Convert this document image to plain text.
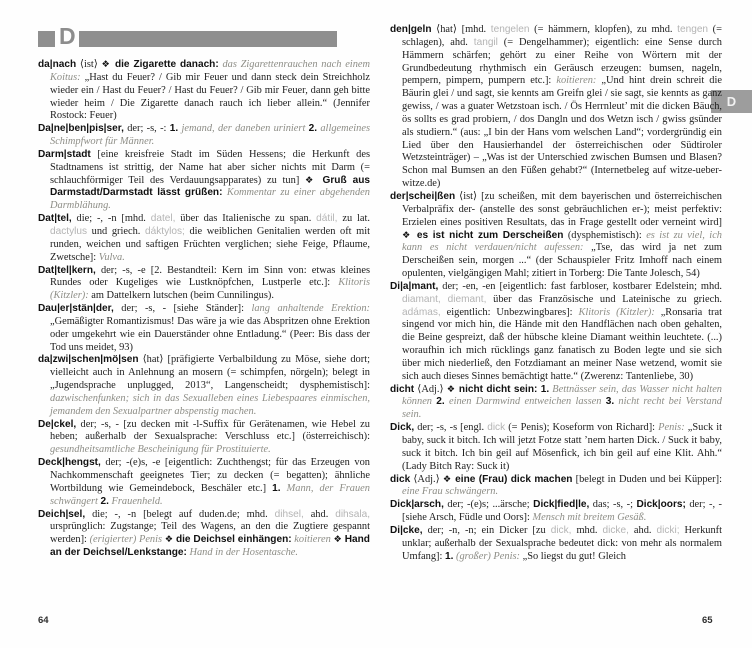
D
D

da|nach ⟨ist⟩ ❖ die Zigarette danach: das Zigarettenrauchen nach einem Koitus: „Hast du Feuer? / Gib mir Feuer und dann steck dein Streichholz wieder ein / Hast du Feuer? / Hast du Feuer? / Gib mir Feuer, dann geh bitte wieder heim / Die Zigarette danach rauch ich lieber allein.“ (Jennifer Rostock: Feuer)

Da|ne|ben|pis|ser, der; -s, -: 1. jemand, der daneben uriniert 2. allgemeines Schimpfwort für Männer.

Darm|stadt [eine kreisfreie Stadt im Süden Hessens; die Herkunft des Stadtnamens ist strittig, der Name hat aber sicher nichts mit Darm (= schlauchförmiger Teil des Verdauungsapparates) zu tun] ❖ Gruß aus Darmstadt/Darmstadt lässt grüßen: Kommentar zu einer abgehenden Darmblähung.

Dat|tel, die; -, -n [mhd. datel, über das Italienische zu span. dátil, zu lat. dactylus und griech. dáktylos; die weiblichen Genitalien werden oft mit runden, weichen und saftigen Früchten verglichen; siehe Feige, Pflaume, Zwetsche]: Vulva.

Dat|tel|kern, der; -s, -e [2. Bestandteil: Kern im Sinn von: etwas kleines Rundes oder Kugeliges wie Lustknöpfchen, Lustperle etc.]: Klitoris (Kitzler): am Dattelkern lutschen (beim Cunnilingus).

Dau|er|stän|der, der; -s, - [siehe Ständer]: lang anhaltende Erektion: „Gemäßigter Romantizismus! Das wäre ja wie das Abspritzen ohne Erektion oder umgekehrt wie ein Dauerständer ohne Entladung.“ (Peer: Bis dass der Tod uns meidet, 93)

da|zwi|schen|mö|sen ⟨hat⟩ [präfigierte Verbalbildung zu Möse, siehe dort; vielleicht auch in Anlehnung an mosern (= schimpfen, nörgeln); belegt in „Jugendsprache unplugged, 2013“, Langenscheidt; dysphemistisch]: dazwischenfunken; sich in das Sexualleben eines Liebespaares einmischen, jemandem den Sexualpartner abspenstig machen.

De|ckel, der; -s, - [zu decken mit -l-Suffix für Gerätenamen, wie Hebel zu heben; außerhalb der Sexualsprache: Verschluss etc.] (österreichisch): gesundheitsamtliche Bescheinigung für Prostituierte.

Deck|hengst, der; -(e)s, -e [eigentlich: Zuchthengst; für das Erzeugen von Nachkommenschaft geeignetes Tier; zu decken (= begatten); ähnliche Wortbildung wie Gemeindebock, Beschäler etc.] 1. Mann, der Frauen schwängert 2. Frauenheld.

Deich|sel, die; -, -n [belegt auf duden.de; mhd. dihsel, ahd. dihsala, ursprünglich: Zugstange; Teil des Wagens, an den die Zugtiere gespannt werden]: (erigierter) Penis ❖ die Deichsel einhängen: koitieren ❖ Hand an der Deichsel/Lenkstange: Hand in der Hosentasche.

den|geln ⟨hat⟩ [mhd. tengelen (= hämmern, klopfen), zu mhd. tengen (= schlagen), ahd. tangil (= Dengelhammer); eigentlich: eine Sense durch Hämmern schärfen; gehört zu einer Reihe von Wörtern mit der Grundbedeutung rhythmisch ein Geräusch erzeugen: bumsen, nageln, pempern, pimpern, pumpern etc.]: koitieren: „Und hint drein schreit die Bäurin glei / und sagt, sie kennts am Greifn glei / sie sagt, sie kennts as ganz gewiss, / was a guater Wetzstoan isch. / Ös Herrnleut’ mit die dicken Bäuch, ös sollts es grad probiern, / dos Dangln und dos Wetzn isch / gwiss gsünder als studiern.“ (aus: „I bin der Hans vom welschen Land“; vordergründig ein Lied über den Hausierhandel der österreichischen oder Südtiroler Wetzsteinträger) – „Was ist der Unterschied zwischen Bumsen und Blasen? Schon mal Bumsen an den Füßen gehabt?“ (Internetbeleg auf witze-ueber-witze.de)

der|schei|ßen ⟨ist⟩ [zu scheißen, mit dem bayerischen und österreichischen Verbalpräfix der- (anstelle des sonst gebräuchlichen er-); meist perfektiv: Erzielen eines positiven Resultats, das in Frage gestellt oder verneint wird] ❖ es ist nicht zum Derscheißen (dysphemistisch): es ist zu viel, ich kann es nicht verdauen/nicht aufessen: „Tse, das wird ja net zum Derscheißen sein, morgen ...“ (der Schauspieler Fritz Imhoff nach einem opulenten, vielgängigen Mahl; zitiert in Torberg: Die Tante Jolesch, 54)

Di|a|mant, der; -en, -en [eigentlich: fast farbloser, kostbarer Edelstein; mhd. diamant, diemant, über das Französische und Lateinische zu griech. adámas, eigentlich: Unbezwingbares]: Klitoris (Kitzler): „Ronsaria trat singend vor mich hin, die Hände mit den Handflächen nach oben gehalten, die Beine gespreizt, daß der hübsche kleine Diamant weithin leuchtete. (...) woraufhin ich mich rücklings ganz fanatisch zu Boden legte und sie sich über mich niederließ, den Fotzdiamant an meiner Nase wetzend, womit sie sich auch dieses Sinnes bemächtigt hatte.“ (Zwerenz: Tantenliebe, 30)

dicht ⟨Adj.⟩ ❖ nicht dicht sein: 1. Bettnässer sein, das Wasser nicht halten können 2. einen Darmwind entweichen lassen 3. nicht recht bei Verstand sein.

Dick, der; -s, -s [engl. dick (= Penis); Koseform von Richard]: Penis: „Suck it baby, suck it bitch. Ich will jetzt Fotze statt ’nem harten Dick. / Suck it baby, suck it bitch. Ich bin geil auf Mösenfick, ich bin geil auf eine Klit. Ahh.“ (Lady Bitch Ray: Suck it)

dick ⟨Adj.⟩ ❖ eine (Frau) dick machen [belegt in Duden und bei Küpper]: eine Frau schwängern.

Dick|arsch, der; -(e)s; ...ärsche; Dick|fied|le, das; -s, -; Dick|oors; der; -, - [siehe Arsch, Füdle und Oors]: Mensch mit breitem Gesäß.

Di|cke, der; -n, -n; ein Dicker [zu dick, mhd. dicke, ahd. dicki; Herkunft unklar; außerhalb der Sexualsprache bedeutet dick: von mehr als normalem Umfang]: 1. (großer) Penis: „So liegst du gut! Gleich

64	65
